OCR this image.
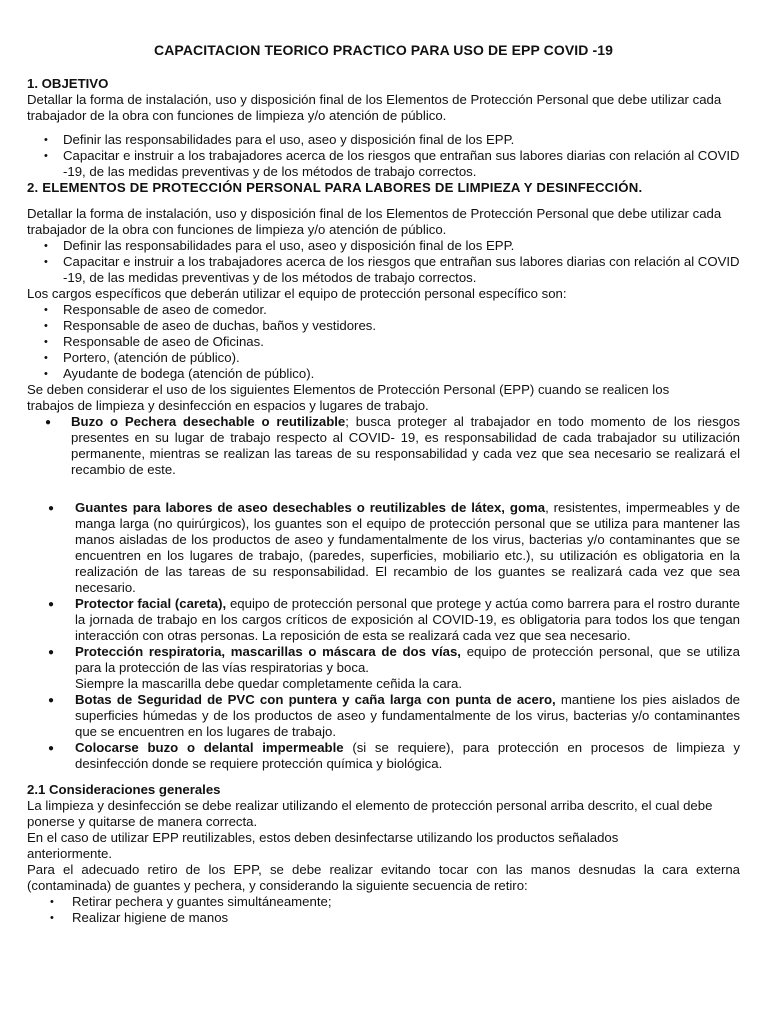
CAPACITACION TEORICO PRACTICO PARA USO DE EPP COVID -19

1. OBJETIVO

Detallar la forma de instalación, uso y disposición final de los Elementos de Protección Personal que debe utilizar cada trabajador de la obra con funciones de limpieza y/o atención de público.

• Definir las responsabilidades para el uso, aseo y disposición final de los EPP.
• Capacitar e instruir a los trabajadores acerca de los riesgos que entrañan sus labores diarias con relación al COVID -19, de las medidas preventivas y de los métodos de trabajo correctos.

2. ELEMENTOS DE PROTECCIÓN PERSONAL PARA LABORES DE LIMPIEZA Y DESINFECCIÓN.

Detallar la forma de instalación, uso y disposición final de los Elementos de Protección Personal que debe utilizar cada trabajador de la obra con funciones de limpieza y/o atención de público.

• Definir las responsabilidades para el uso, aseo y disposición final de los EPP.
• Capacitar e instruir a los trabajadores acerca de los riesgos que entrañan sus labores diarias con relación al COVID -19, de las medidas preventivas y de los métodos de trabajo correctos.

Los cargos específicos que deberán utilizar el equipo de protección personal específico son:

• Responsable de aseo de comedor.
• Responsable de aseo de duchas, baños y vestidores.
• Responsable de aseo de Oficinas.
• Portero, (atención de público).
• Ayudante de bodega (atención de público).

Se deben considerar el uso de los siguientes Elementos de Protección Personal (EPP) cuando se realicen los trabajos de limpieza y desinfección en espacios y lugares de trabajo.

● Buzo o Pechera desechable o reutilizable; busca proteger al trabajador en todo momento de los riesgos presentes en su lugar de trabajo respecto al COVID- 19, es responsabilidad de cada trabajador su utilización permanente, mientras se realizan las tareas de su responsabilidad y cada vez que sea necesario se realizará el recambio de este.
● Guantes para labores de aseo desechables o reutilizables de látex, goma, resistentes, impermeables y de manga larga (no quirúrgicos), los guantes son el equipo de protección personal que se utiliza para mantener las manos aisladas de los productos de aseo y fundamentalmente de los virus, bacterias y/o contaminantes que se encuentren en los lugares de trabajo, (paredes, superficies, mobiliario etc.), su utilización es obligatoria en la realización de las tareas de su responsabilidad. El recambio de los guantes se realizará cada vez que sea necesario.
● Protector facial (careta), equipo de protección personal que protege y actúa como barrera para el rostro durante la jornada de trabajo en los cargos críticos de exposición al COVID-19, es obligatoria para todos los que tengan interacción con otras personas. La reposición de esta se realizará cada vez que sea necesario.
● Protección respiratoria, mascarillas o máscara de dos vías, equipo de protección personal, que se utiliza para la protección de las vías respiratorias y boca.
Siempre la mascarilla debe quedar completamente ceñida la cara.
● Botas de Seguridad de PVC con puntera y caña larga con punta de acero, mantiene los pies aislados de superficies húmedas y de los productos de aseo y fundamentalmente de los virus, bacterias y/o contaminantes que se encuentren en los lugares de trabajo.
● Colocarse buzo o delantal impermeable (si se requiere), para protección en procesos de limpieza y desinfección donde se requiere protección química y biológica.

2.1 Consideraciones generales

La limpieza y desinfección se debe realizar utilizando el elemento de protección personal arriba descrito, el cual debe ponerse y quitarse de manera correcta.

En el caso de utilizar EPP reutilizables, estos deben desinfectarse utilizando los productos señalados anteriormente.

Para el adecuado retiro de los EPP, se debe realizar evitando tocar con las manos desnudas la cara externa (contaminada) de guantes y pechera, y considerando la siguiente secuencia de retiro:

• Retirar pechera y guantes simultáneamente;
• Realizar higiene de manos
